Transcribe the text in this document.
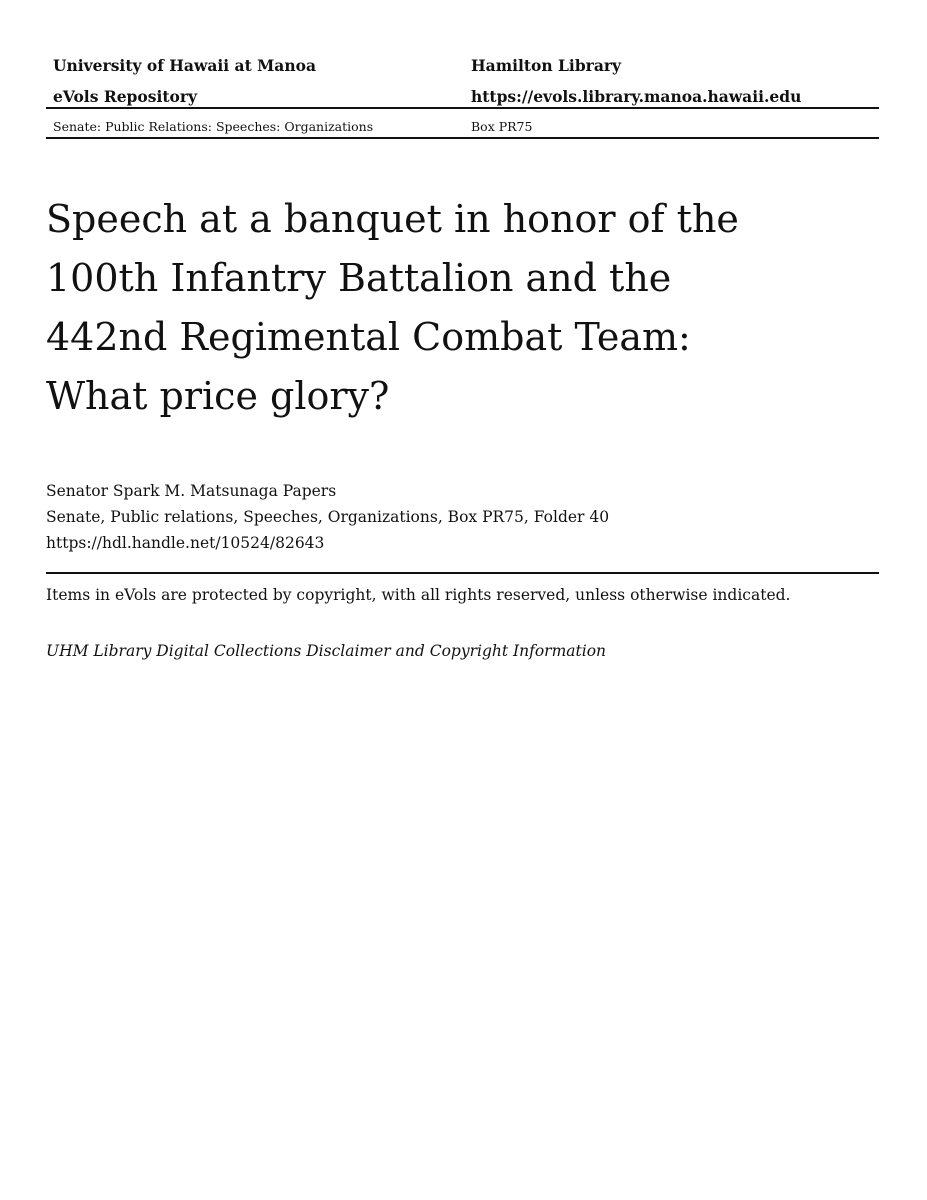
University of Hawaii at Manoa	Hamilton Library
eVols Repository	https://evols.library.manoa.hawaii.edu
Senate: Public Relations: Speeches: Organizations	Box PR75
Speech at a banquet in honor of the
100th Infantry Battalion and the
442nd Regimental Combat Team:
What price glory?
Senator Spark M. Matsunaga Papers
Senate, Public relations, Speeches, Organizations, Box PR75, Folder 40
https://hdl.handle.net/10524/82643
Items in eVols are protected by copyright, with all rights reserved, unless otherwise indicated.
UHM Library Digital Collections Disclaimer and Copyright Information
